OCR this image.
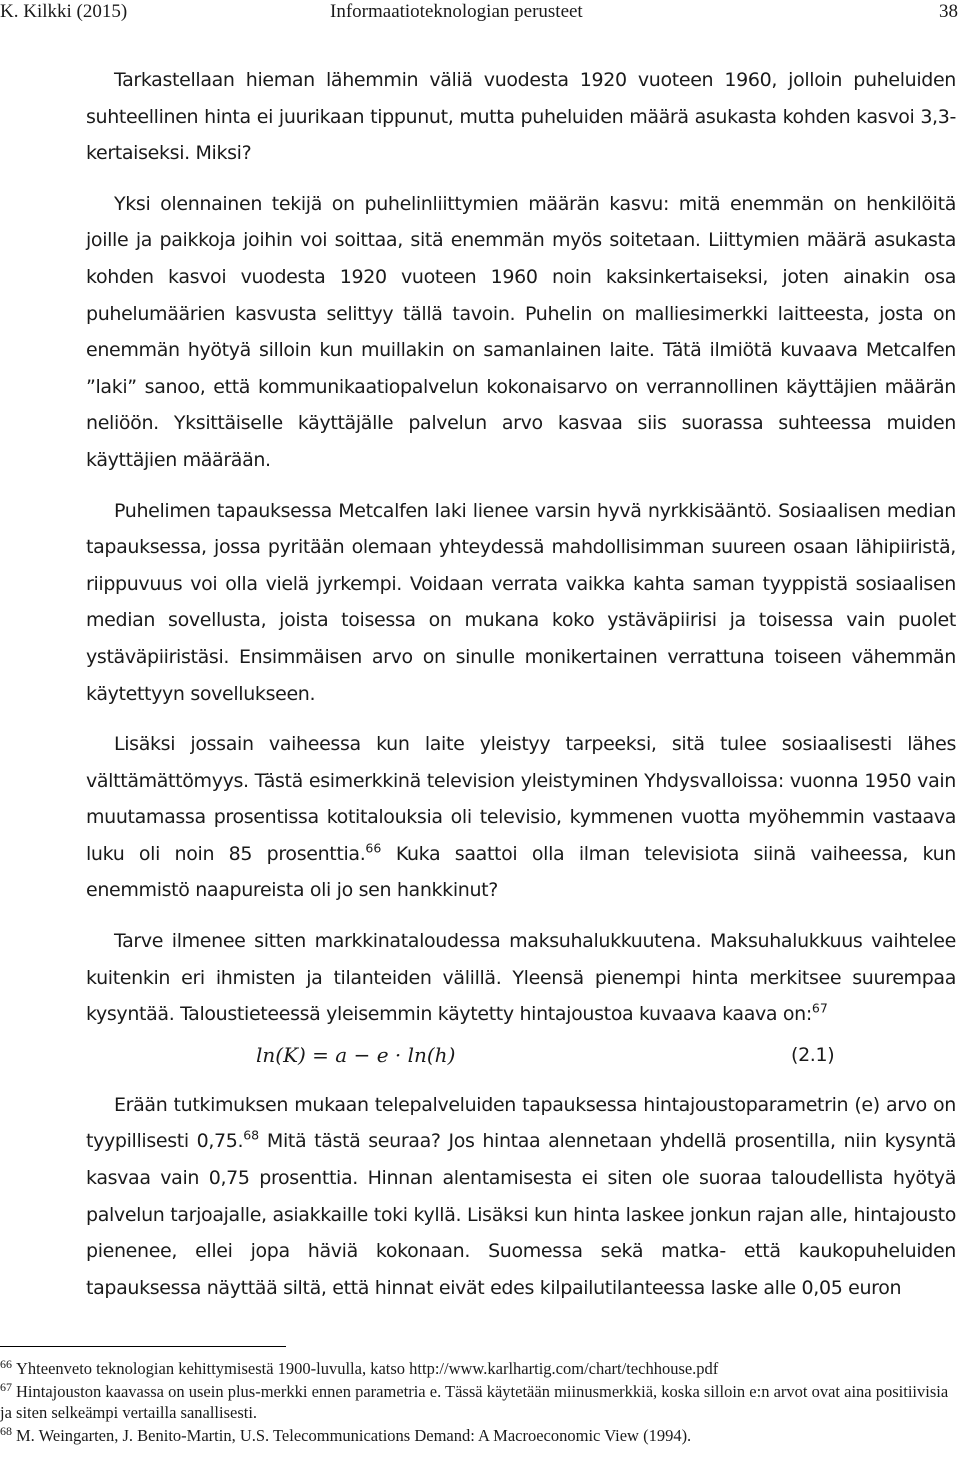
K. Kilkki (2015)	Informaatioteknologian perusteet	38

Tarkastellaan hieman lähemmin väliä vuodesta 1920 vuoteen 1960, jolloin puheluiden suhteellinen hinta ei juurikaan tippunut, mutta puheluiden määrä asukasta kohden kasvoi 3,3-kertaiseksi. Miksi?

Yksi olennainen tekijä on puhelinliittymien määrän kasvu: mitä enemmän on henkilöitä joille ja paikkoja joihin voi soittaa, sitä enemmän myös soitetaan. Liittymien määrä asukasta kohden kasvoi vuodesta 1920 vuoteen 1960 noin kaksinkertaiseksi, joten ainakin osa puhelumäärien kasvusta selittyy tällä tavoin. Puhelin on malliesimerkki laitteesta, josta on enemmän hyötyä silloin kun muillakin on samanlainen laite. Tätä ilmiötä kuvaava Metcalfen ”laki” sanoo, että kommunikaatiopalvelun kokonaisarvo on verrannollinen käyttäjien määrän neliöön. Yksittäiselle käyttäjälle palvelun arvo kasvaa siis suorassa suhteessa muiden käyttäjien määrään.

Puhelimen tapauksessa Metcalfen laki lienee varsin hyvä nyrkkisääntö. Sosiaalisen median tapauksessa, jossa pyritään olemaan yhteydessä mahdollisimman suureen osaan lähipiiristä, riippuvuus voi olla vielä jyrkempi. Voidaan verrata vaikka kahta saman tyyppistä sosiaalisen median sovellusta, joista toisessa on mukana koko ystäväpiirisi ja toisessa vain puolet ystäväpiiristäsi. Ensimmäisen arvo on sinulle monikertainen verrattuna toiseen vähemmän käytettyyn sovellukseen.

Lisäksi jossain vaiheessa kun laite yleistyy tarpeeksi, sitä tulee sosiaalisesti lähes välttämättömyys. Tästä esimerkkinä television yleistyminen Yhdysvalloissa: vuonna 1950 vain muutamassa prosentissa kotitalouksia oli televisio, kymmenen vuotta myöhemmin vastaava luku oli noin 85 prosenttia.$^{66}$ Kuka saattoi olla ilman televisiota siinä vaiheessa, kun enemmistö naapureista oli jo sen hankkinut?

Tarve ilmenee sitten markkinataloudessa maksuhalukkuutena. Maksuhalukkuus vaihtelee kuitenkin eri ihmisten ja tilanteiden välillä. Yleensä pienempi hinta merkitsee suurempaa kysyntää. Taloustieteessä yleisemmin käytetty hintajoustoa kuvaava kaava on:$^{67}$

ln(K) = a − e · ln(h)	(2.1)

Erään tutkimuksen mukaan telepalveluiden tapauksessa hintajoustoparametrin (e) arvo on tyypillisesti 0,75.68 Mitä tästä seuraa? Jos hintaa alennetaan yhdellä prosentilla, niin kysyntä kasvaa vain 0,75 prosenttia. Hinnan alentamisesta ei siten ole suoraa taloudellista hyötyä palvelun tarjoajalle, asiakkaille toki kyllä. Lisäksi kun hinta laskee jonkun rajan alle, hintajousto pienenee, ellei jopa häviä kokonaan. Suomessa sekä matka- että kaukopuheluiden tapauksessa näyttää siltä, että hinnat eivät edes kilpailutilanteessa laske alle 0,05 euron

$^{66}$ Yhteenveto teknologian kehittymisestä 1900-luvulla, katso http://www.karlhartig.com/chart/techhouse.pdf
$^{67}$ Hintajouston kaavassa on usein plus-merkki ennen parametria e. Tässä käytetään miinusmerkkiä, koska silloin e:n arvot ovat aina positiivisia ja siten selkeämpi vertailla sanallisesti.
$^{68}$ M. Weingarten, J. Benito-Martin, U.S. Telecommunications Demand: A Macroeconomic View (1994).
